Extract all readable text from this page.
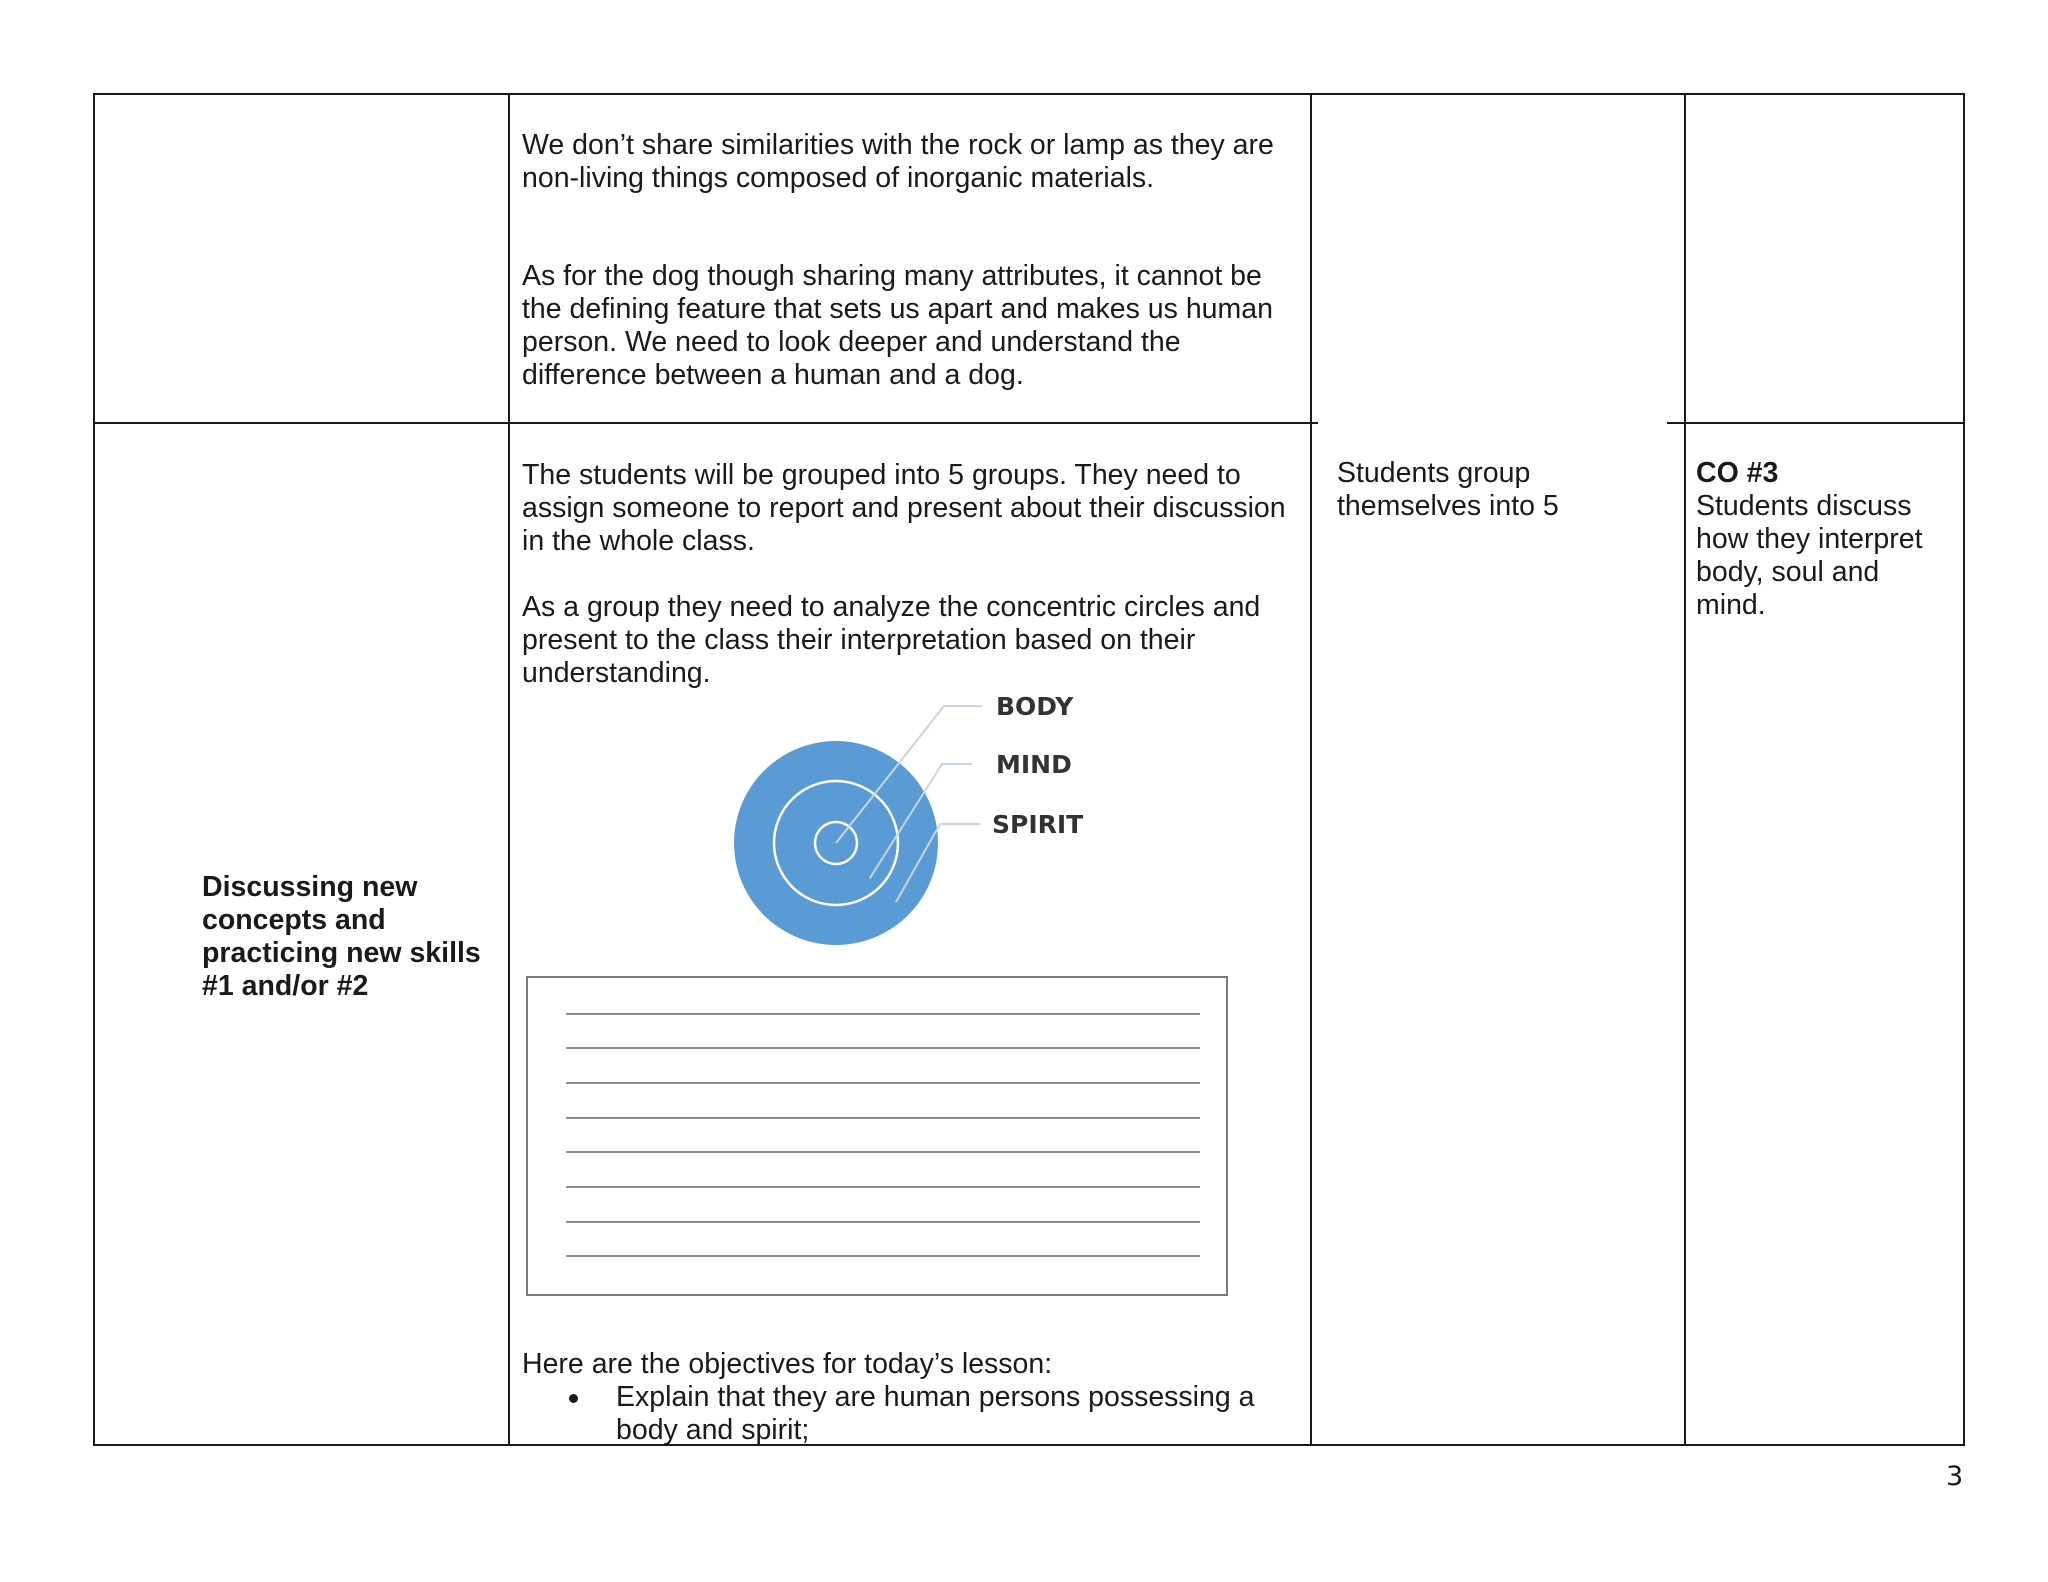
We don’t share similarities with the rock or lamp as they are
non-living things composed of inorganic materials.
As for the dog though sharing many attributes, it cannot be
the defining feature that sets us apart and makes us human
person. We need to look deeper and understand the
difference between a human and a dog.
Discussing new
concepts and
practicing new skills
#1 and/or #2
The students will be grouped into 5 groups. They need to
assign someone to report and present about their discussion
in the whole class.
As a group they need to analyze the concentric circles and
present to the class their interpretation based on their
understanding.
BODY
MIND
SPIRIT
Here are the objectives for today’s lesson:
Explain that they are human persons possessing a
body and spirit;
Students group
themselves into 5
CO #3
Students discuss
how they interpret
body, soul and
mind.
3
